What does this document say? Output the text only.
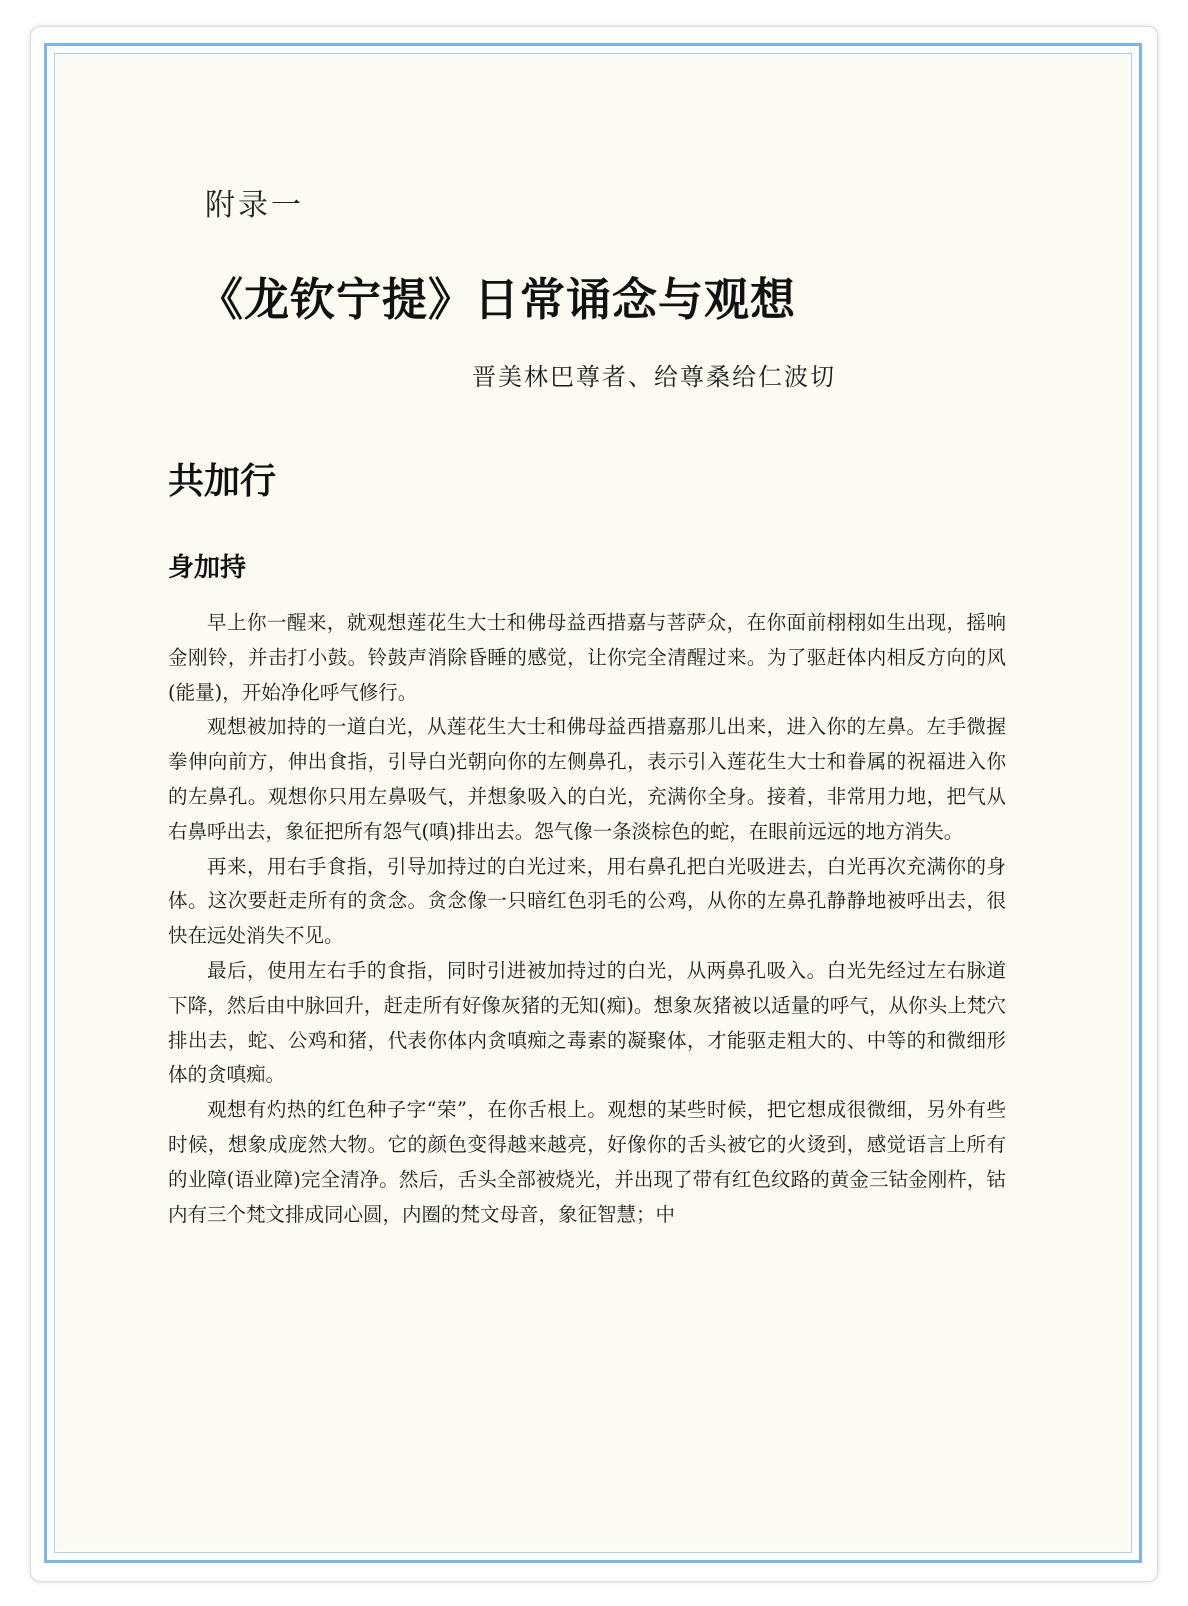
附录一
《龙钦宁提》日常诵念与观想
晋美林巴尊者、给尊桑给仁波切
共加行
身加持

早上你一醒来，就观想莲花生大士和佛母益西措嘉与菩萨众，在你面前栩栩如生出现，摇响金刚铃，并击打小鼓。铃鼓声消除昏睡的感觉，让你完全清醒过来。为了驱赶体内相反方向的风(能量)，开始净化呼气修行。

观想被加持的一道白光，从莲花生大士和佛母益西措嘉那儿出来，进入你的左鼻。左手微握拳伸向前方，伸出食指，引导白光朝向你的左侧鼻孔，表示引入莲花生大士和眷属的祝福进入你的左鼻孔。观想你只用左鼻吸气，并想象吸入的白光，充满你全身。接着，非常用力地，把气从右鼻呼出去，象征把所有怨气(嗔)排出去。怨气像一条淡棕色的蛇，在眼前远远的地方消失。

再来，用右手食指，引导加持过的白光过来，用右鼻孔把白光吸进去，白光再次充满你的身体。这次要赶走所有的贪念。贪念像一只暗红色羽毛的公鸡，从你的左鼻孔静静地被呼出去，很快在远处消失不见。

最后，使用左右手的食指，同时引进被加持过的白光，从两鼻孔吸入。白光先经过左右脉道下降，然后由中脉回升，赶走所有好像灰猪的无知(痴)。想象灰猪被以适量的呼气，从你头上梵穴排出去，蛇、公鸡和猪，代表你体内贪嗔痴之毒素的凝聚体，才能驱走粗大的、中等的和微细形体的贪嗔痴。

观想有灼热的红色种子字“荣”，在你舌根上。观想的某些时候，把它想成很微细，另外有些时候，想象成庞然大物。它的颜色变得越来越亮，好像你的舌头被它的火烫到，感觉语言上所有的业障(语业障)完全清净。然后，舌头全部被烧光，并出现了带有红色纹路的黄金三钴金刚杵，钴内有三个梵文排成同心圆，内圈的梵文母音，象征智慧；中
